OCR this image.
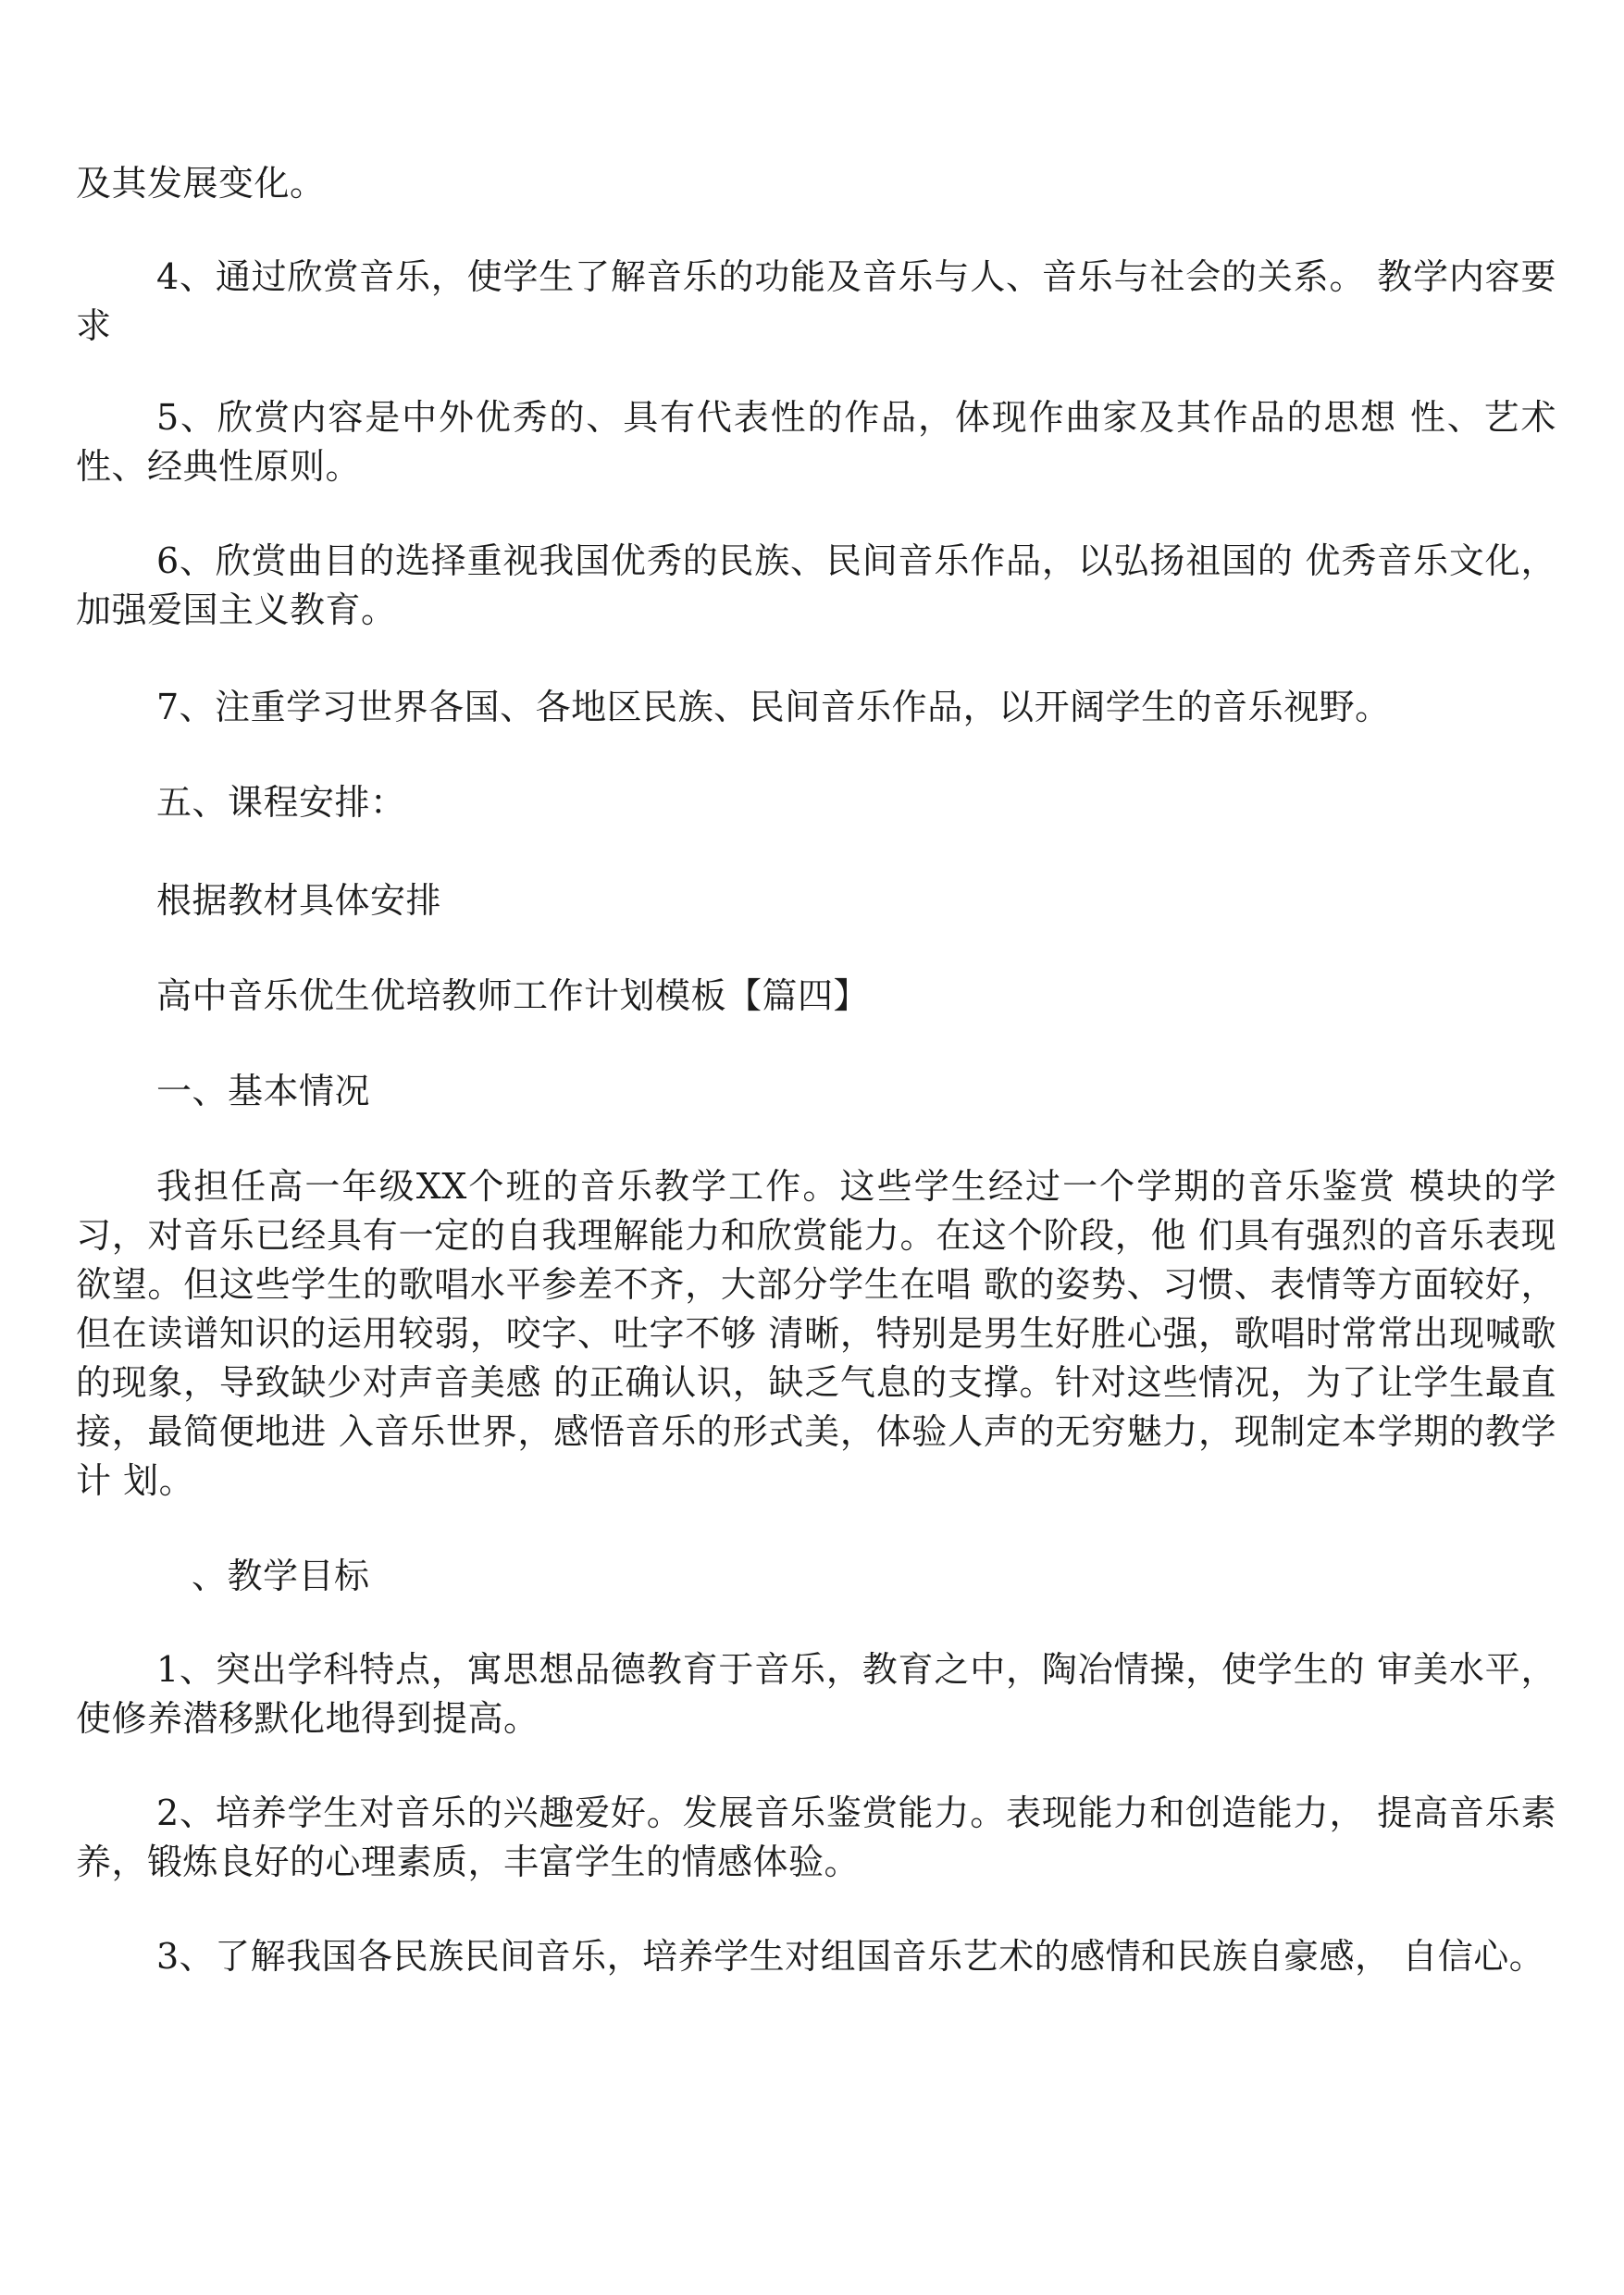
及其发展变化。

4、通过欣赏音乐，使学生了解音乐的功能及音乐与人、音乐与社会的关系。 教学内容要求

5、欣赏内容是中外优秀的、具有代表性的作品，体现作曲家及其作品的思想 性、艺术性、经典性原则。

6、欣赏曲目的选择重视我国优秀的民族、民间音乐作品，以弘扬祖国的 优秀音乐文化，加强爱国主义教育。

7、注重学习世界各国、各地区民族、民间音乐作品，以开阔学生的音乐视野。

五、课程安排：

根据教材具体安排

高中音乐优生优培教师工作计划模板【篇四】

一、基本情况

我担任高一年级XX个班的音乐教学工作。这些学生经过一个学期的音乐鉴赏 模块的学习，对音乐已经具有一定的自我理解能力和欣赏能力。在这个阶段，他 们具有强烈的音乐表现欲望。但这些学生的歌唱水平参差不齐，大部分学生在唱 歌的姿势、习惯、表情等方面较好，但在读谱知识的运用较弱，咬字、吐字不够 清晰，特别是男生好胜心强，歌唱时常常出现喊歌的现象，导致缺少对声音美感 的正确认识，缺乏气息的支撑。针对这些情况，为了让学生最直接，最简便地进 入音乐世界，感悟音乐的形式美，体验人声的无穷魅力，现制定本学期的教学计 划。

、教学目标

1、突出学科特点，寓思想品德教育于音乐，教育之中，陶冶情操，使学生的 审美水平，使修养潜移默化地得到提高。

2、培养学生对音乐的兴趣爱好。发展音乐鉴赏能力。表现能力和创造能力， 提高音乐素养，锻炼良好的心理素质，丰富学生的情感体验。

3、了解我国各民族民间音乐，培养学生对组国音乐艺术的感情和民族自豪感， 自信心。
